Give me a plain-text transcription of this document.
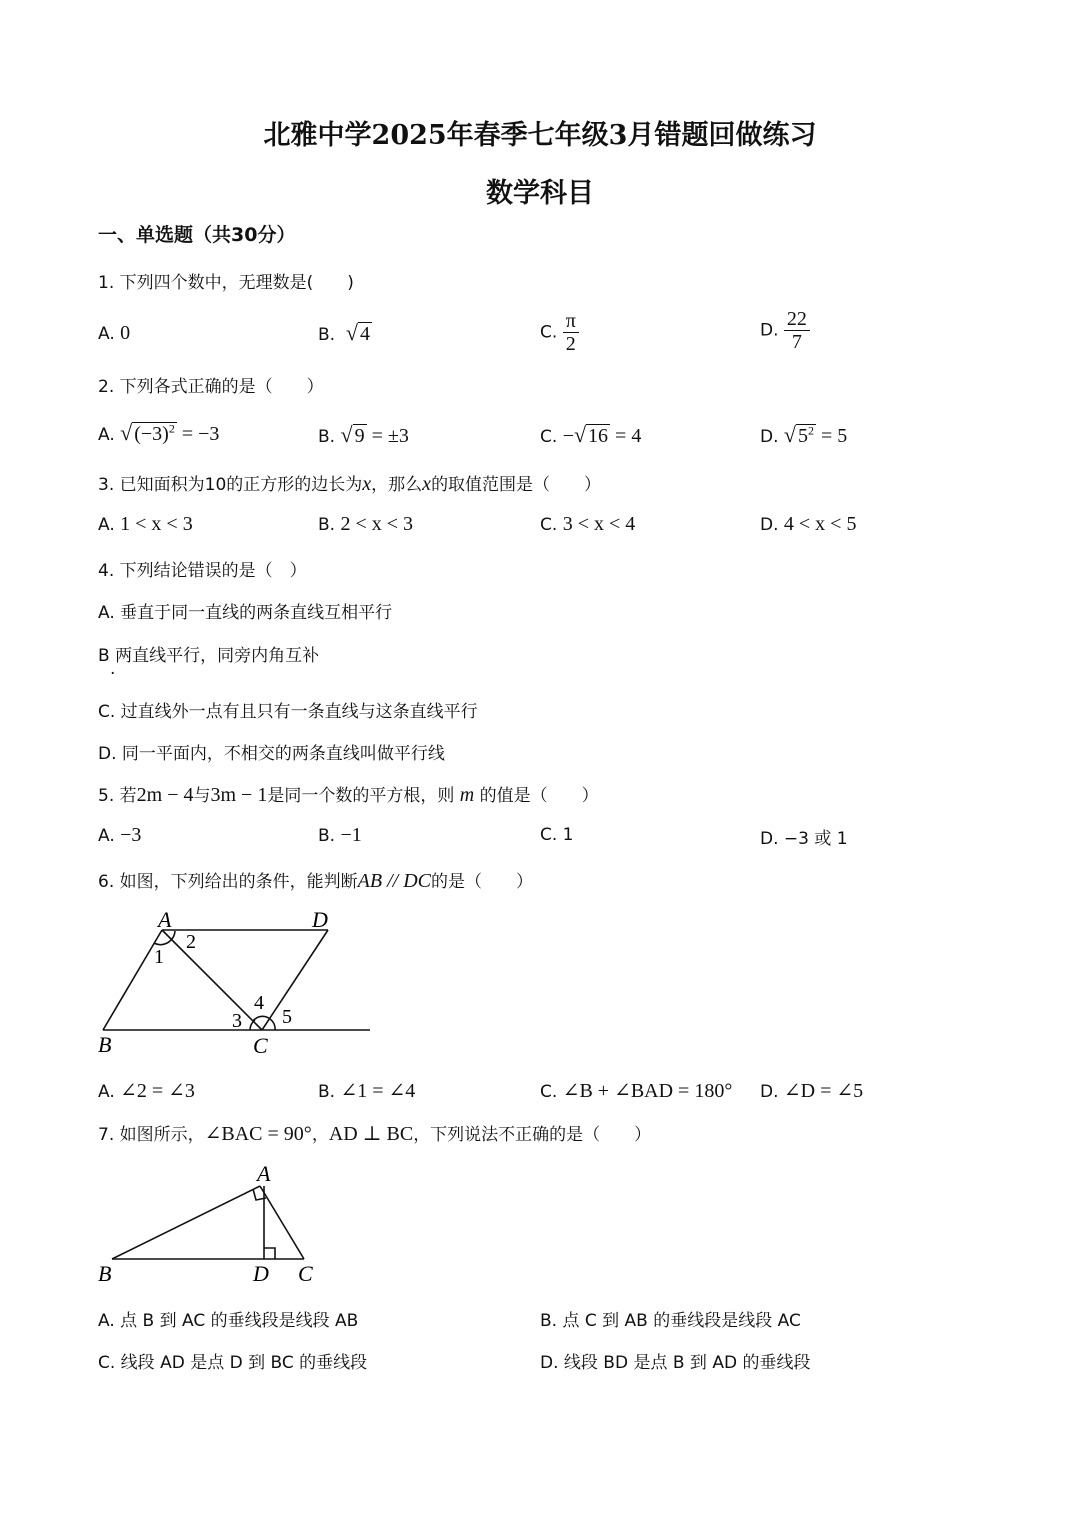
北雅中学2025年春季七年级3月错题回做练习
数学科目
一、单选题（共30分）
1. 下列四个数中，无理数是(　　)
A. 0	B. √ 4	C. $\frac{\pi}{2}$	D. $\frac{22}{7}$
2. 下列各式正确的是（　　）
A. √ $(-3)^2 = -3$	B. √ 9 = ±3	C. −√ 16 = 4	D. √ $5^2 = 5$
3. 已知面积为10的正方形的边长为x，那么x的取值范围是（　　）
A. 1 < x < 3	B. 2 < x < 3	C. 3 < x < 4	D. 4 < x < 5
4. 下列结论错误的是（　）
A. 垂直于同一直线的两条直线互相平行
B 两直线平行，同旁内角互补
·
C. 过直线外一点有且只有一条直线与这条直线平行
D. 同一平面内，不相交的两条直线叫做平行线
5. 若2m − 4与3m − 1是同一个数的平方根，则 m 的值是（　　）
A. −3	B. −1	C. 1	D. −3 或 1
6. 如图，下列给出的条件，能判断AB // DC的是（　　）
A	D
B	C
1
2
3
4
5
A. ∠2 = ∠3	B. ∠1 = ∠4	C. ∠B + ∠BAD = 180° D. ∠D = ∠5
7. 如图所示，∠BAC = 90°，AD ⊥ BC，下列说法不正确的是（　　）
A
B	D C
A. 点 B 到 AC 的垂线段是线段 AB	B. 点 C 到 AB 的垂线段是线段 AC
C. 线段 AD 是点 D 到 BC 的垂线段	D. 线段 BD 是点 B 到 AD 的垂线段
